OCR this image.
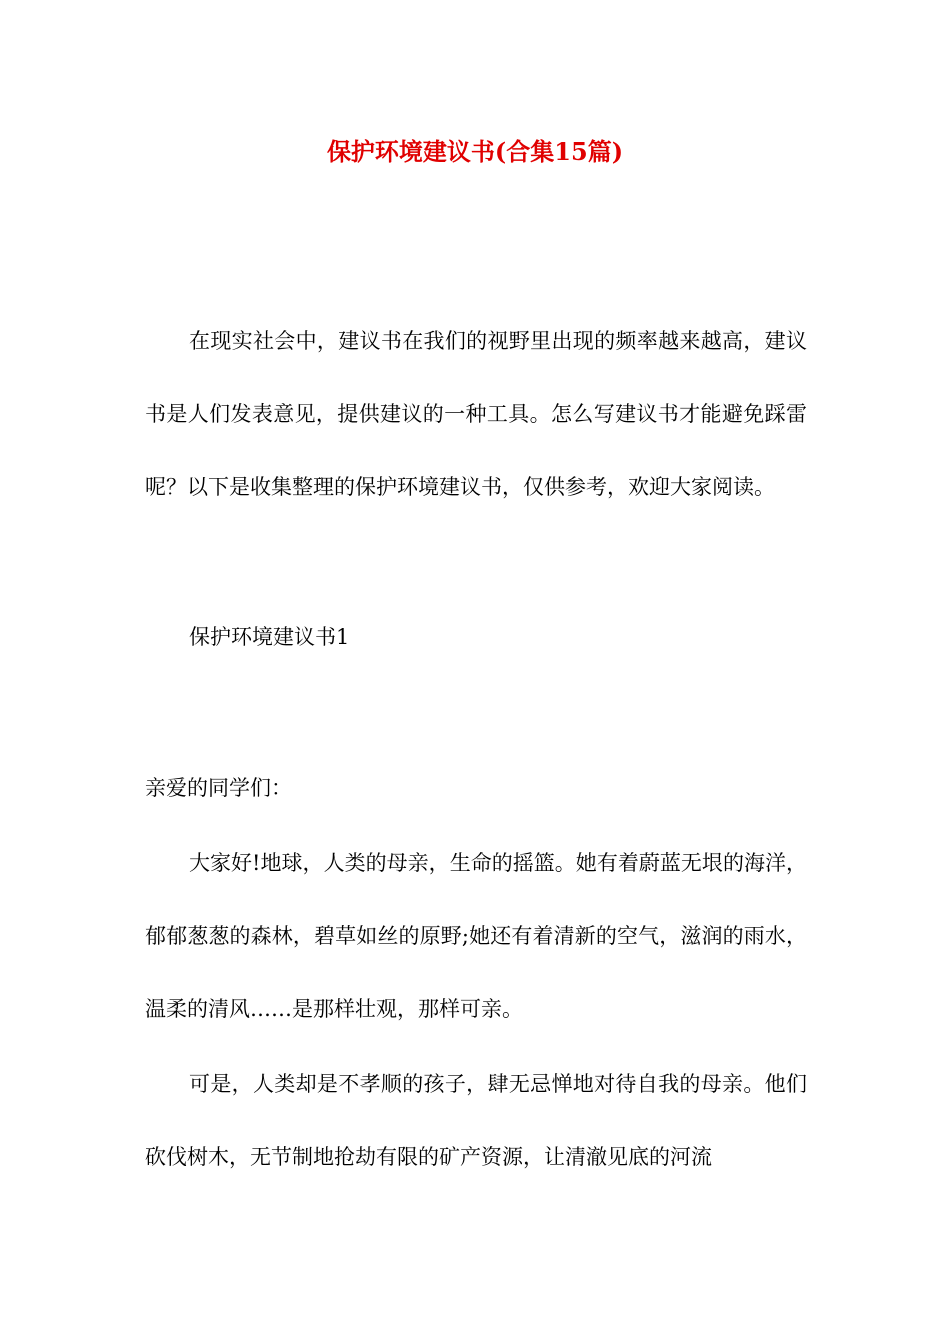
保护环境建议书(合集15篇)

在现实社会中，建议书在我们的视野里出现的频率越来越高，建议书是人们发表意见，提供建议的一种工具。怎么写建议书才能避免踩雷呢？以下是收集整理的保护环境建议书，仅供参考，欢迎大家阅读。

保护环境建议书1

亲爱的同学们：

大家好!地球，人类的母亲，生命的摇篮。她有着蔚蓝无垠的海洋，郁郁葱葱的森林，碧草如丝的原野;她还有着清新的空气，滋润的雨水，温柔的清风……是那样壮观，那样可亲。

可是，人类却是不孝顺的孩子，肆无忌惮地对待自我的母亲。他们砍伐树木，无节制地抢劫有限的矿产资源，让清澈见底的河流
